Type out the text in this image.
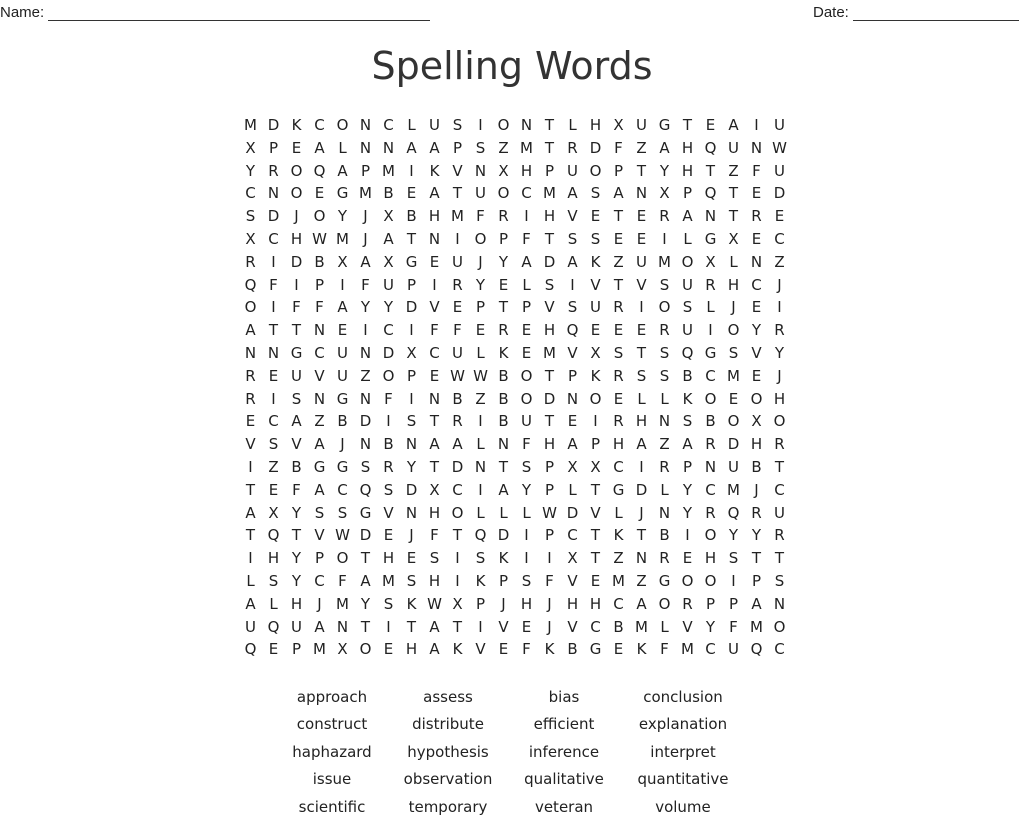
Name:	Date:
Spelling Words
M D K C O N C L U S	I O N T L H X U G T E A	I	U
X P E A L N N A A P S Z M T R D F Z A H Q U N W
Y R O Q A P M I	K V N X H P U O P T Y H T Z F U
C N O E G M B E A T U O C M A S A N X P Q T E D
S D	J O Y	J	X B H M F R	I	H V E T E R A N T R E
X C H W M J	A T N	I O P F T S S E E	I	L G X E C
R	I	D B X A X G E U	J	Y A D A K Z U M O X L N Z
Q F	I	P	I	F U P	I	R Y E L S	I	V T V S U R H C	J
O I	F F A Y Y D V E P T P V S U R	I O S L	J	E	I
A T T N E	I	C	I	F F E R E H Q E E E R U	I O Y R
N N G C U N D X C U L K E M V X S T S Q G S V Y
R E U V U Z O P E W W B O T P K R S S B C M E	J
R	I	S N G N F	I	N B Z B O D N O E L L K O E O H
E C A Z B D	I	S T R	I	B U T E	I	R H N S B O X O
V S V A	J	N B N A A L N F H A P H A Z A R D H R
I	Z B G G S R Y T D N T S P X X C	I	R P N U B T
T E F A C Q S D X C	I	A Y P L T G D L Y C M J	C
A X Y S S G V N H O L L L W D V L	J	N Y R Q R U
T Q T V W D E	J	F T Q D	I	P C T K T B	I O Y Y R
I	H Y P O T H E S	I	S K	I	I	X T Z N R E H S T T
L S Y C F A M S H	I	K P S F V E M Z G O O I	P S
A L H	J M Y S K W X P	J	H	J	H H C A O R P P A N
U Q U A N T	I	T A T	I	V E	J	V C B M L V Y F M O
Q E P M X O E H A K V E F K B G E K F M C U Q C
approach	assess	bias	conclusion
construct	distribute	efficient	explanation
haphazard	hypothesis	inference	interpret
issue	observation	qualitative	quantitative
scientific	temporary	veteran	volume
